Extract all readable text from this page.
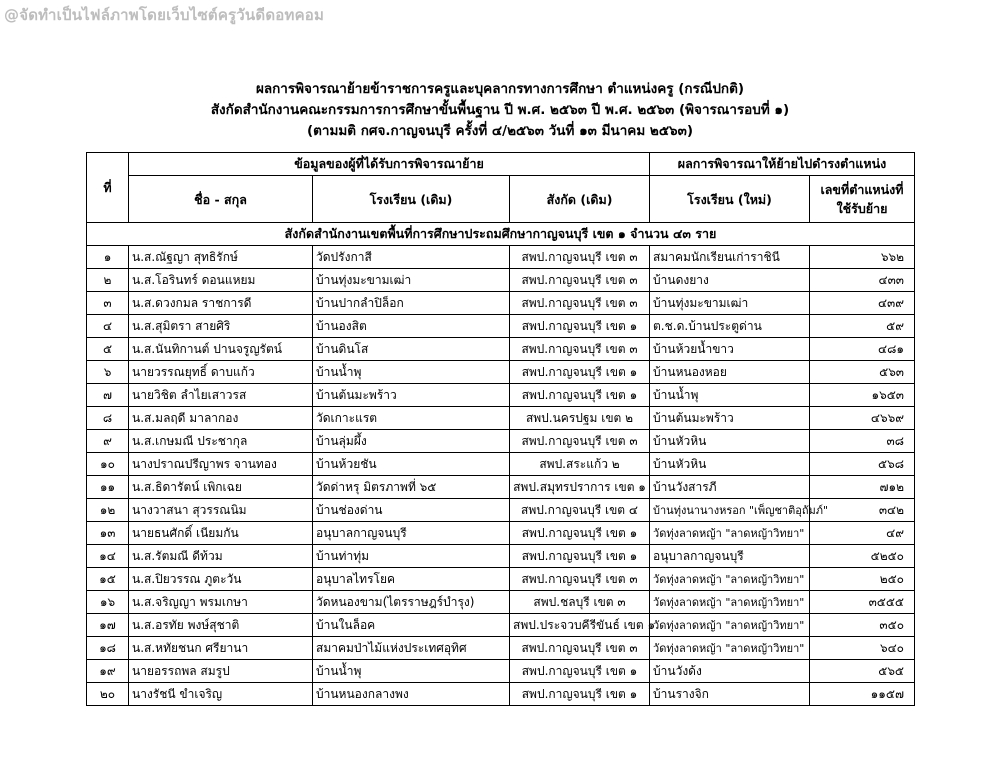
@จัดทำเป็นไฟล์ภาพโดยเว็บไซต์ครูวันดีดอทคอม
ผลการพิจารณาย้ายข้าราชการครูและบุคลากรทางการศึกษา ตำแหน่งครู (กรณีปกติ)
สังกัดสำนักงานคณะกรรมการการศึกษาขั้นพื้นฐาน ปี พ.ศ. ๒๕๖๓ ปี พ.ศ. ๒๕๖๓ (พิจารณารอบที่ ๑)
(ตามมติ กศจ.กาญจนบุรี ครั้งที่ ๔/๒๕๖๓ วันที่ ๑๓ มีนาคม ๒๕๖๓)
ที่	ข้อมูลของผู้ที่ได้รับการพิจารณาย้าย			ผลการพิจารณาให้ย้ายไปดำรงตำแหน่ง	
	ชื่อ - สกุล	โรงเรียน (เดิม)	สังกัด (เดิม)	โรงเรียน (ใหม่)	เลขที่ตำแหน่งที่
ใช้รับย้าย
สังกัดสำนักงานเขตพื้นที่การศึกษาประถมศึกษากาญจนบุรี เขต ๑ จำนวน ๔๓ ราย					
๑	น.ส.ณัฐญา สุทธิรักษ์	วัดปรังกาสี	สพป.กาญจนบุรี เขต ๓	สมาคมนักเรียนเก่าราชินี	๖๖๒
๒	น.ส.โอรินทร์ ดอนแหยม	บ้านทุ่งมะขามเฒ่า	สพป.กาญจนบุรี เขต ๓	บ้านดงยาง	๔๓๓
๓	น.ส.ดวงกมล ราชการดี	บ้านปากลำปิล็อก	สพป.กาญจนบุรี เขต ๓	บ้านทุ่งมะขามเฒ่า	๔๓๙
๔	น.ส.สุมิตรา สายศิริ	บ้านองสิต	สพป.กาญจนบุรี เขต ๑	ต.ช.ด.บ้านประตูด่าน	๕๙
๕	น.ส.นันทิกานต์ ปานจรูญรัตน์	บ้านดินโส	สพป.กาญจนบุรี เขต ๓	บ้านห้วยน้ำขาว	๔๘๑
๖	นายวรรณยุทธิ์ ดาบแก้ว	บ้านน้ำพุ	สพป.กาญจนบุรี เขต ๑	บ้านหนองหอย	๕๖๓
๗	นายวิชิต ลำไยเสาวรส	บ้านต้นมะพร้าว	สพป.กาญจนบุรี เขต ๑	บ้านน้ำพุ	๑๖๕๓
๘	น.ส.มลฤดี มาลากอง	วัดเกาะแรต	สพป.นครปฐม เขต ๒	บ้านต้นมะพร้าว	๔๖๖๙
๙	น.ส.เกษมณี ประชากุล	บ้านลุ่มผึ้ง	สพป.กาญจนบุรี เขต ๓	บ้านหัวหิน	๓๘
๑๐	นางปราณปรีญาพร จานทอง	บ้านห้วยชัน	สพป.สระแก้ว ๒	บ้านหัวหิน	๕๖๘
๑๑	น.ส.ธิดารัตน์ เพิกเฉย	วัดด่าหรุ มิตรภาพที่ ๖๕	สพป.สมุทรปราการ เขต ๑	บ้านวังสารภี	๗๑๒
๑๒	นางวาสนา สุวรรณนิม	บ้านช่องด่าน	สพป.กาญจนบุรี เขต ๔	บ้านทุ่งนานางหรอก "เพ็ญชาติอุถัมภ์"	๓๔๒
๑๓	นายธนศักดิ์ เนียมกัน	อนุบาลกาญจนบุรี	สพป.กาญจนบุรี เขต ๑	วัดทุ่งลาดหญ้า "ลาดหญ้าวิทยา"	๔๙
๑๔	น.ส.รัตมณี ดีท้วม	บ้านท่าทุ่ม	สพป.กาญจนบุรี เขต ๑	อนุบาลกาญจนบุรี	๕๒๕๐
๑๕	น.ส.ปิยวรรณ ภูตะวัน	อนุบาลไทรโยค	สพป.กาญจนบุรี เขต ๓	วัดทุ่งลาดหญ้า "ลาดหญ้าวิทยา"	๒๕๐
๑๖	น.ส.จริญญา พรมเกษา	วัดหนองขาม(ไตรราษฎร์บำรุง)	สพป.ชลบุรี เขต ๓	วัดทุ่งลาดหญ้า "ลาดหญ้าวิทยา"	๓๕๕๕
๑๗	น.ส.อรทัย พงษ์สุชาติ	บ้านในล็อค	สพป.ประจวบคีรีขันธ์ เขต ๑	วัดทุ่งลาดหญ้า "ลาดหญ้าวิทยา"	๓๕๐
๑๘	น.ส.หทัยชนก ศรียานา	สมาคมป่าไม้แห่งประเทศอุทิศ	สพป.กาญจนบุรี เขต ๓	วัดทุ่งลาดหญ้า "ลาดหญ้าวิทยา"	๖๔๐
๑๙	นายอรรถพล สมรูป	บ้านน้ำพุ	สพป.กาญจนบุรี เขต ๑	บ้านวังด้ง	๕๖๕
๒๐	นางรัชนี ขำเจริญ	บ้านหนองกลางพง	สพป.กาญจนบุรี เขต ๑	บ้านรางจิก	๑๑๕๗
